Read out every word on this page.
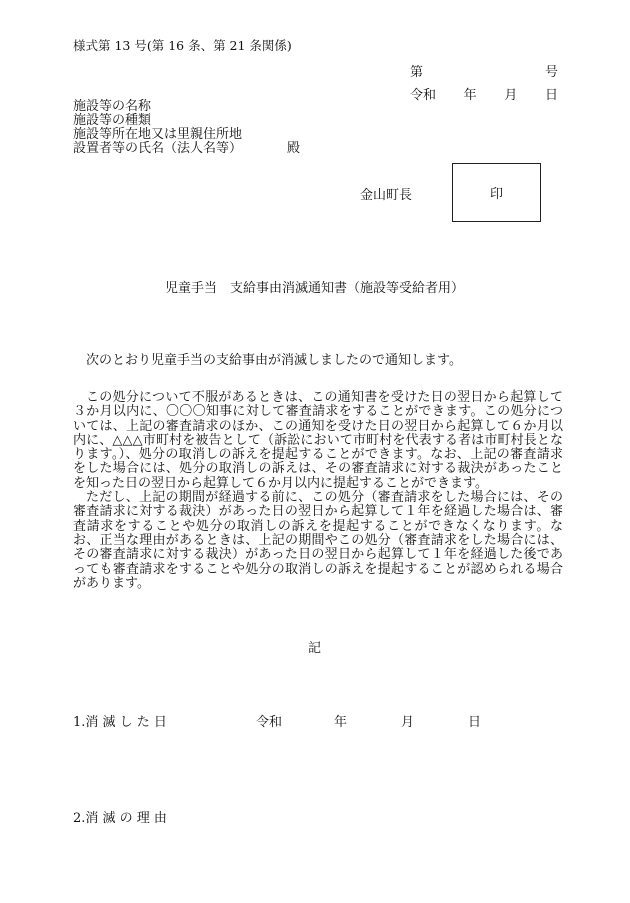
様式第 13 号(第 16 条、第 21 条関係)
第	号
令和 年 月 日
施設等の名称
施設等の種類
施設等所在地又は里親住所地
設置者等の氏名（法人名等）	殿
金山町長	印
児童手当　支給事由消滅通知書（施設等受給者用）
次のとおり児童手当の支給事由が消滅しましたので通知します。

この処分について不服があるときは、この通知書を受けた日の翌日から起算して３か月以内に、〇〇〇知事に対して審査請求をすることができます。この処分については、上記の審査請求のほか、この通知を受けた日の翌日から起算して６か月以内に、△△△市町村を被告として（訴訟において市町村を代表する者は市町村長となります。）、処分の取消しの訴えを提起することができます。なお、上記の審査請求をした場合には、処分の取消しの訴えは、その審査請求に対する裁決があったことを知った日の翌日から起算して６か月以内に提起することができます。

ただし、上記の期間が経過する前に、この処分（審査請求をした場合には、その審査請求に対する裁決）があった日の翌日から起算して１年を経過した場合は、審査請求をすることや処分の取消しの訴えを提起することができなくなります。なお、正当な理由があるときは、上記の期間やこの処分（審査請求をした場合には、その審査請求に対する裁決）があった日の翌日から起算して１年を経過した後であっても審査請求をすることや処分の取消しの訴えを提起することが認められる場合があります。

記
1.消 滅 し た 日	令和	年	月	日
2.消 滅 の 理 由
